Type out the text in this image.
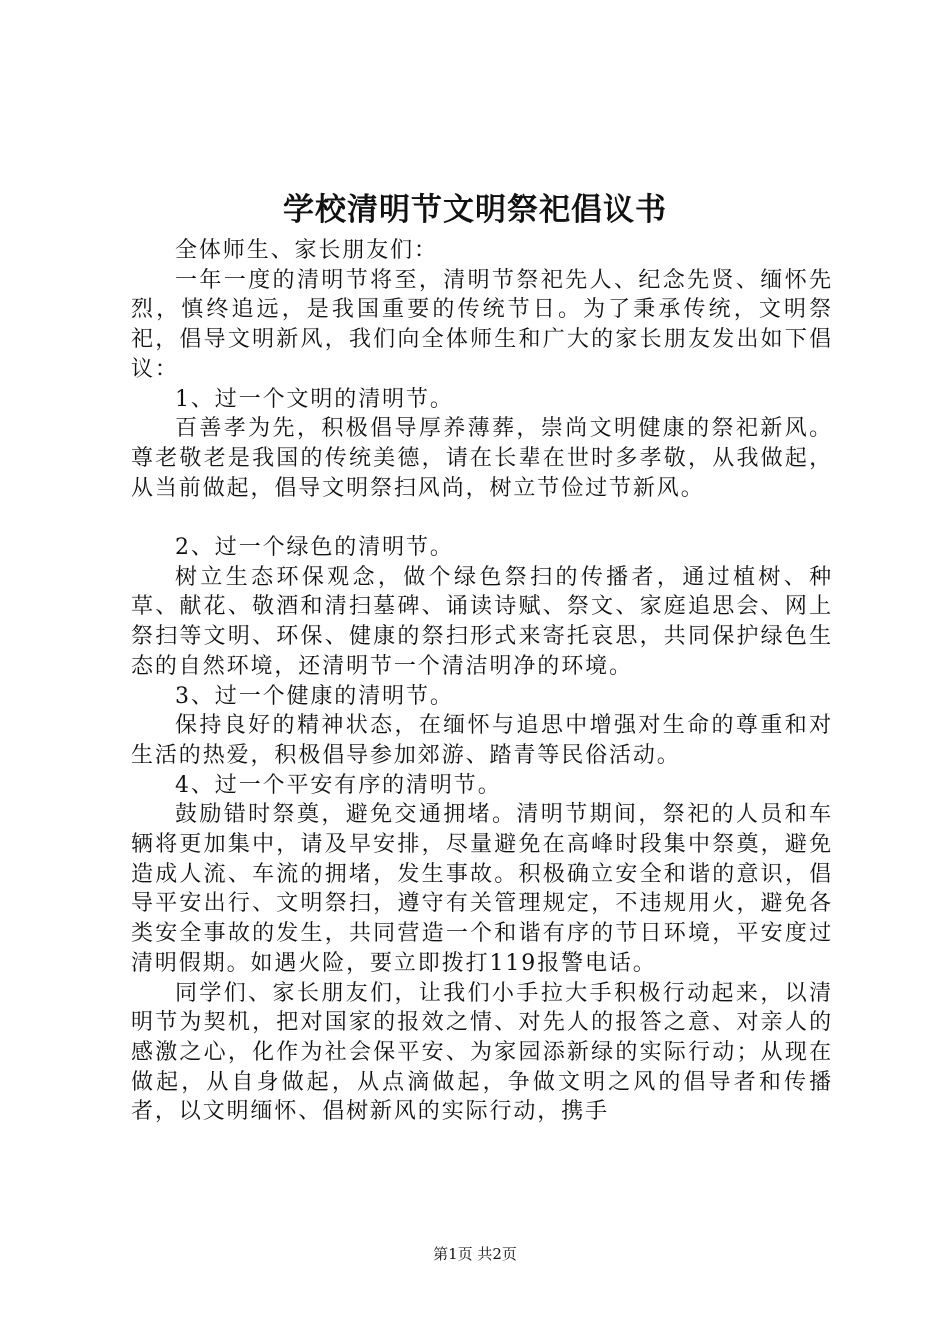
学校清明节文明祭祀倡议书

全体师生、家长朋友们：

一年一度的清明节将至，清明节祭祀先人、纪念先贤、缅怀先烈，慎终追远，是我国重要的传统节日。为了秉承传统，文明祭祀，倡导文明新风，我们向全体师生和广大的家长朋友发出如下倡议：

1、过一个文明的清明节。

百善孝为先，积极倡导厚养薄葬，崇尚文明健康的祭祀新风。尊老敬老是我国的传统美德，请在长辈在世时多孝敬，从我做起，从当前做起，倡导文明祭扫风尚，树立节俭过节新风。

2、过一个绿色的清明节。

树立生态环保观念，做个绿色祭扫的传播者，通过植树、种草、献花、敬酒和清扫墓碑、诵读诗赋、祭文、家庭追思会、网上祭扫等文明、环保、健康的祭扫形式来寄托哀思，共同保护绿色生态的自然环境，还清明节一个清洁明净的环境。

3、过一个健康的清明节。

保持良好的精神状态，在缅怀与追思中增强对生命的尊重和对生活的热爱，积极倡导参加郊游、踏青等民俗活动。

4、过一个平安有序的清明节。

鼓励错时祭奠，避免交通拥堵。清明节期间，祭祀的人员和车辆将更加集中，请及早安排，尽量避免在高峰时段集中祭奠，避免造成人流、车流的拥堵，发生事故。积极确立安全和谐的意识，倡导平安出行、文明祭扫，遵守有关管理规定，不违规用火，避免各类安全事故的发生，共同营造一个和谐有序的节日环境，平安度过清明假期。如遇火险，要立即拨打119报警电话。

同学们、家长朋友们，让我们小手拉大手积极行动起来，以清明节为契机，把对国家的报效之情、对先人的报答之意、对亲人的感激之心，化作为社会保平安、为家园添新绿的实际行动；从现在做起，从自身做起，从点滴做起，争做文明之风的倡导者和传播者，以文明缅怀、倡树新风的实际行动，携手

第1页 共2页
